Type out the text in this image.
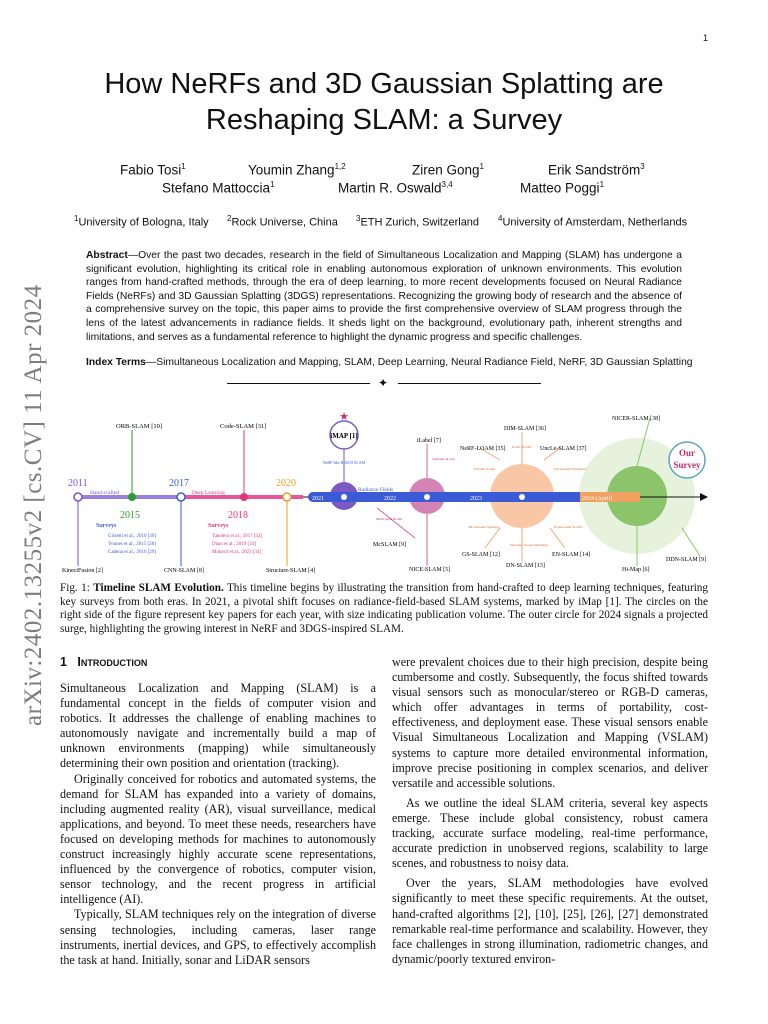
1
arXiv:2402.13255v2 [cs.CV] 11 Apr 2024
How NeRFs and 3D Gaussian Splatting are Reshaping SLAM: a Survey
Fabio Tosi$^1$	Youmin Zhang$^{1,2}$	Ziren Gong$^1$	Erik Sandström$^3$
Stefano Mattoccia$^1$	Martin R. Oswald$^{3,4}$	Matteo Poggi$^1$
$^1$University of Bologna, Italy $^2$Rock Universe, China $^3$ETH Zurich, Switzerland $^4$University of Amsterdam, Netherlands

Abstract—Over the past two decades, research in the field of Simultaneous Localization and Mapping (SLAM) has undergone a significant evolution, highlighting its critical role in enabling autonomous exploration of unknown environments. This evolution ranges from hand-crafted methods, through the era of deep learning, to more recent developments focused on Neural Radiance Fields (NeRFs) and 3D Gaussian Splatting (3DGS) representations. Recognizing the growing body of research and the absence of a comprehensive survey on the topic, this paper aims to provide the first comprehensive overview of SLAM progress through the lens of the latest advancements in radiance fields. It sheds light on the background, evolutionary path, inherent strengths and limitations, and serves as a fundamental reference to highlight the dynamic progress and specific challenges.

Index Terms—Simultaneous Localization and Mapping, SLAM, Deep Learning, Neural Radiance Field, NeRF, 3D Gaussian Splatting

✦
★
2011
2015
2017
2018
2020
2021	2022	2023	2024 (April)
Hand-crafted	Deep Learning	Radiance Fields
ORB-SLAM [10]	Code-SLAM [31]
iMAP [1]
iLabel [7]
NeRF-LOAM [35]
DIM-SLAM [36]
UncLe-SLAM [37]
NICER-SLAM [38]
KinectFusion [2]	CNN-SLAM [8]	Structure-SLAM [4]
McSLAM [9]
NICE-SLAM [5]
GS-SLAM [12]
DN-SLAM [13]
EN-SLAM [14]
Hi-Map [6]
DDN-SLAM [9]
Surveys
Grisetti et al., 2010 [30]
Younes et al., 2015 [28]
Cadena et al., 2016 [29]
Surveys
Takeleni et al., 2017 [32]
Duan et al., 2019 [33]
Mokssit et al., 2023 [34]
NeRF-like RGB-D SLAM
Semantic & edit
Multi-agent & edit
LiDAR SLAM
Event SLAM
Uncertainty Estimation
3D Gaussian Splatting
Dynamic Scenes Handling
Event-based SLAM
Our
Survey

Fig. 1: Timeline SLAM Evolution. This timeline begins by illustrating the transition from hand-crafted to deep learning techniques, featuring key surveys from both eras. In 2021, a pivotal shift focuses on radiance-field-based SLAM systems, marked by iMap [1]. The circles on the right side of the figure represent key papers for each year, with size indicating publication volume. The outer circle for 2024 signals a projected surge, highlighting the growing interest in NeRF and 3DGS-inspired SLAM.

1 Introduction

Simultaneous Localization and Mapping (SLAM) is a fundamental concept in the fields of computer vision and robotics. It addresses the challenge of enabling machines to autonomously navigate and incrementally build a map of unknown environments (mapping) while simultaneously determining their own position and orientation (tracking).

Originally conceived for robotics and automated systems, the demand for SLAM has expanded into a variety of domains, including augmented reality (AR), visual surveillance, medical applications, and beyond. To meet these needs, researchers have focused on developing methods for machines to autonomously construct increasingly highly accurate scene representations, influenced by the convergence of robotics, computer vision, sensor technology, and the recent progress in artificial intelligence (AI).

Typically, SLAM techniques rely on the integration of diverse sensing technologies, including cameras, laser range instruments, inertial devices, and GPS, to effectively accomplish the task at hand. Initially, sonar and LiDAR sensors

were prevalent choices due to their high precision, despite being cumbersome and costly. Subsequently, the focus shifted towards visual sensors such as monocular/stereo or RGB-D cameras, which offer advantages in terms of portability, cost-effectiveness, and deployment ease. These visual sensors enable Visual Simultaneous Localization and Mapping (VSLAM) systems to capture more detailed environmental information, improve precise positioning in complex scenarios, and deliver versatile and accessible solutions.

As we outline the ideal SLAM criteria, several key aspects emerge. These include global consistency, robust camera tracking, accurate surface modeling, real-time performance, accurate prediction in unobserved regions, scalability to large scenes, and robustness to noisy data.

Over the years, SLAM methodologies have evolved significantly to meet these specific requirements. At the outset, hand-crafted algorithms [2], [10], [25], [26], [27] demonstrated remarkable real-time performance and scalability. However, they face challenges in strong illumination, radiometric changes, and dynamic/poorly textured environ-
